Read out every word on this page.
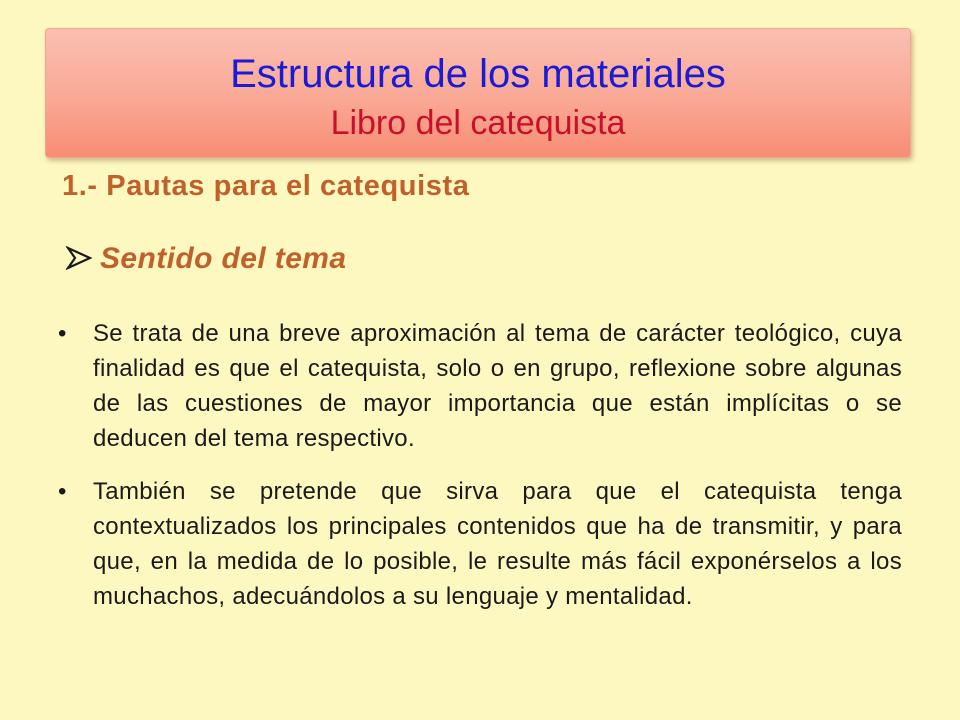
Estructura de los materiales
Libro del catequista
1.- Pautas para el catequista
Sentido del tema
•	Se trata de una breve aproximación al tema de carácter teológico, cuya finalidad es que el catequista, solo o en grupo, reflexione sobre algunas de las cuestiones de mayor importancia que están implícitas o se deducen del tema respectivo.
•	También se pretende que sirva para que el catequista tenga contextualizados los principales contenidos que ha de transmitir, y para que, en la medida de lo posible, le resulte más fácil exponérselos a los muchachos, adecuándolos a su lenguaje y mentalidad.
